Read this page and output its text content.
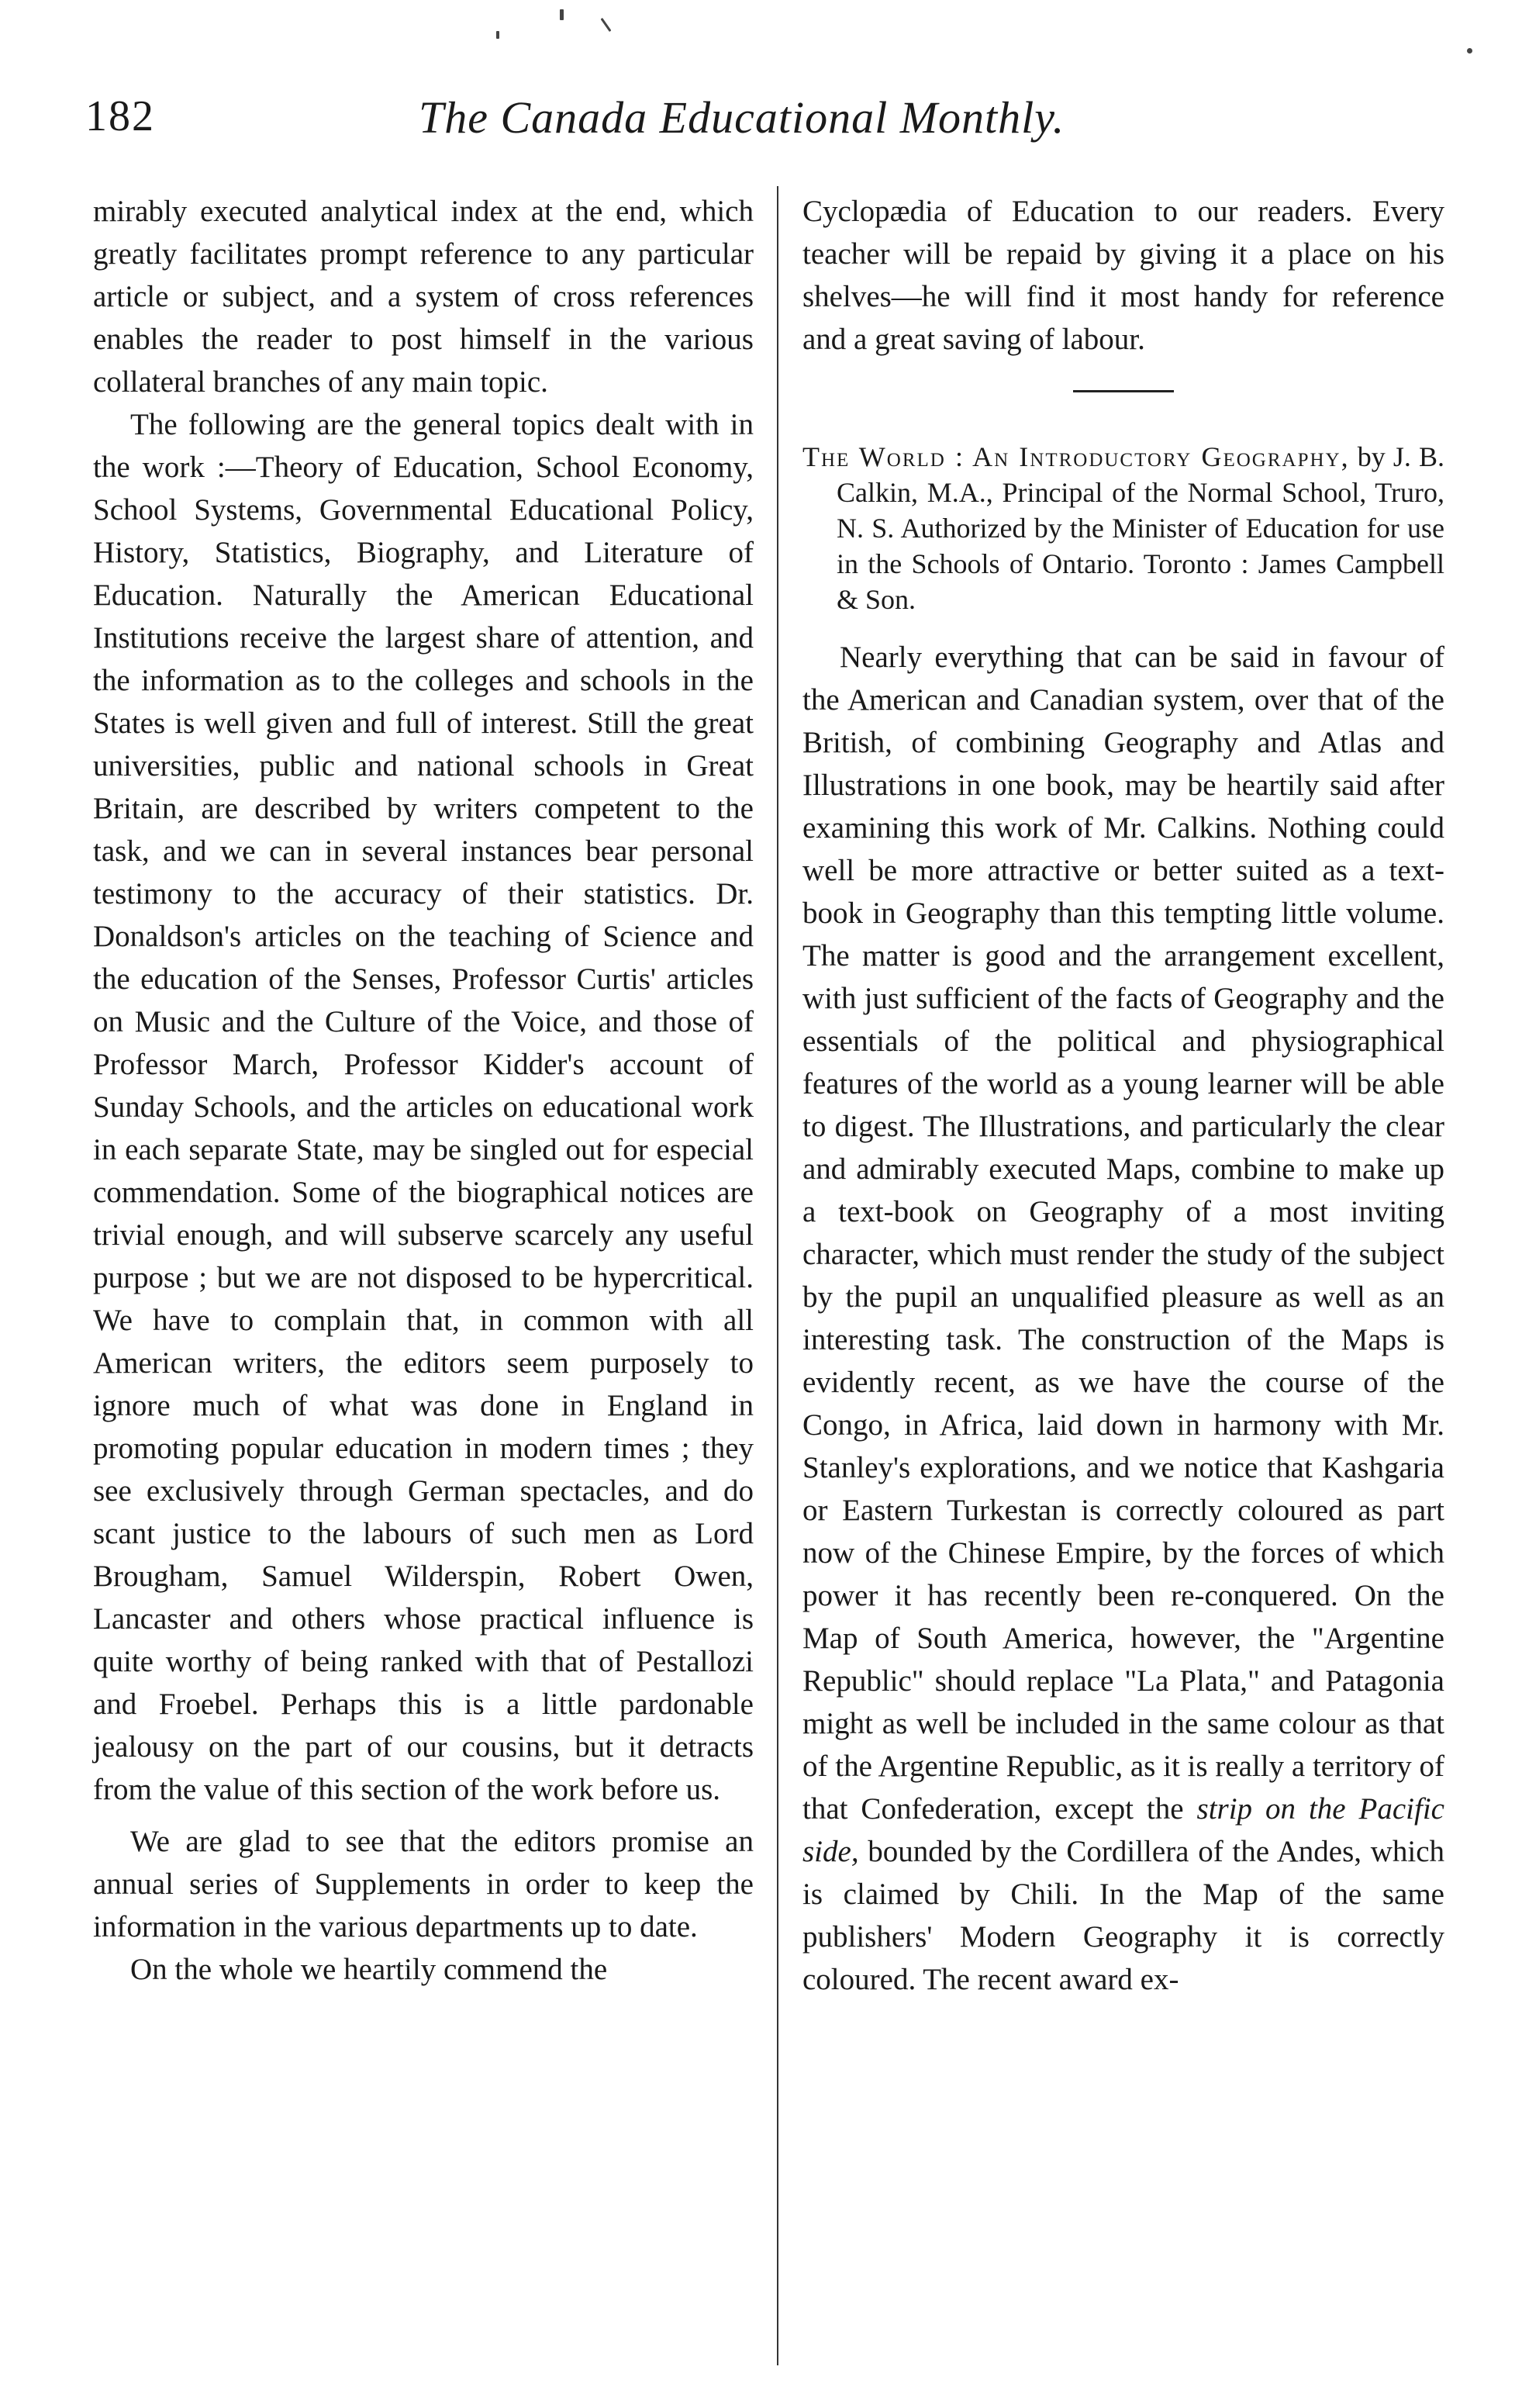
182	The Canada Educational Monthly.

mirably executed analytical index at the end, which greatly facilitates prompt reference to any particular article or subject, and a system of cross references enables the reader to post himself in the various collateral branches of any main topic.

The following are the general topics dealt with in the work :—Theory of Education, School Economy, School Systems, Governmental Educational Policy, History, Statistics, Biography, and Literature of Education. Naturally the American Educational Institutions receive the largest share of attention, and the information as to the colleges and schools in the States is well given and full of interest. Still the great universities, public and national schools in Great Britain, are described by writers competent to the task, and we can in several instances bear personal testimony to the accuracy of their statistics. Dr. Donaldson's articles on the teaching of Science and the education of the Senses, Professor Curtis' articles on Music and the Culture of the Voice, and those of Professor March, Professor Kidder's account of Sunday Schools, and the articles on educational work in each separate State, may be singled out for especial commendation. Some of the biographical notices are trivial enough, and will subserve scarcely any useful purpose ; but we are not disposed to be hypercritical. We have to complain that, in common with all American writers, the editors seem purposely to ignore much of what was done in England in promoting popular education in modern times ; they see exclusively through German spectacles, and do scant justice to the labours of such men as Lord Brougham, Samuel Wilderspin, Robert Owen, Lancaster and others whose practical influence is quite worthy of being ranked with that of Pestallozi and Froebel. Perhaps this is a little pardonable jealousy on the part of our cousins, but it detracts from the value of this section of the work before us.

We are glad to see that the editors promise an annual series of Supplements in order to keep the information in the various departments up to date.

On the whole we heartily commend the

Cyclopædia of Education to our readers. Every teacher will be repaid by giving it a place on his shelves—he will find it most handy for reference and a great saving of labour.

The World : An Introductory Geography, by J. B. Calkin, M.A., Principal of the Normal School, Truro, N. S. Authorized by the Minister of Education for use in the Schools of Ontario. Toronto : James Campbell & Son.

Nearly everything that can be said in favour of the American and Canadian system, over that of the British, of combining Geography and Atlas and Illustrations in one book, may be heartily said after examining this work of Mr. Calkins. Nothing could well be more attractive or better suited as a text-book in Geography than this tempting little volume. The matter is good and the arrangement excellent, with just sufficient of the facts of Geography and the essentials of the political and physiographical features of the world as a young learner will be able to digest. The Illustrations, and particularly the clear and admirably executed Maps, combine to make up a text-book on Geography of a most inviting character, which must render the study of the subject by the pupil an unqualified pleasure as well as an interesting task. The construction of the Maps is evidently recent, as we have the course of the Congo, in Africa, laid down in harmony with Mr. Stanley's explorations, and we notice that Kashgaria or Eastern Turkestan is correctly coloured as part now of the Chinese Empire, by the forces of which power it has recently been re-conquered. On the Map of South America, however, the "Argentine Republic" should replace "La Plata," and Patagonia might as well be included in the same colour as that of the Argentine Republic, as it is really a territory of that Confederation, except the strip on the Pacific side, bounded by the Cordillera of the Andes, which is claimed by Chili. In the Map of the same publishers' Modern Geography it is correctly coloured. The recent award ex-
